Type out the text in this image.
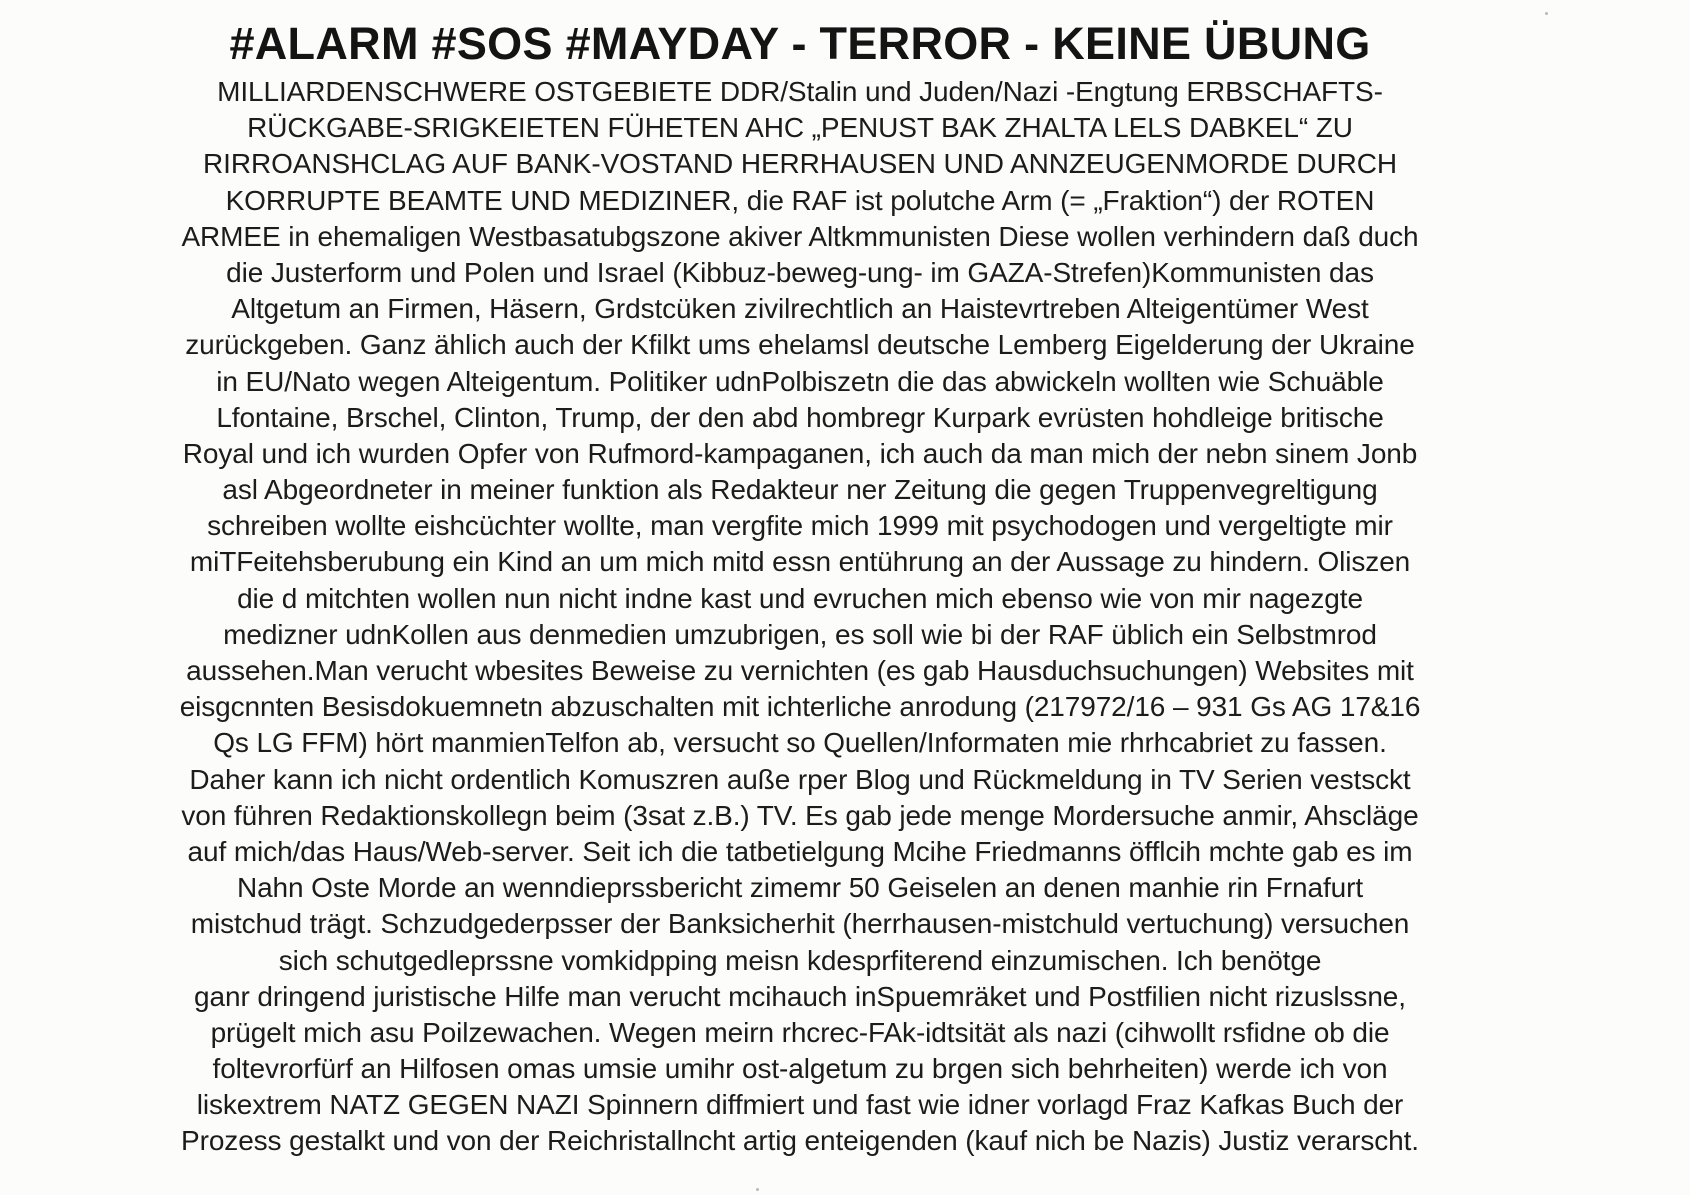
#ALARM #SOS #MAYDAY - TERROR - KEINE ÜBUNG
MILLIARDENSCHWERE OSTGEBIETE DDR/Stalin und Juden/Nazi -Engtung ERBSCHAFTS-
RÜCKGABE-SRIGKEIETEN FÜHETEN AHC „PENUST BAK ZHALTA LELS DABKEL“ ZU
RIRROANSHCLAG AUF BANK-VOSTAND HERRHAUSEN UND ANNZEUGENMORDE DURCH
KORRUPTE BEAMTE UND MEDIZINER, die RAF ist polutche Arm (= „Fraktion“) der ROTEN
ARMEE in ehemaligen Westbasatubgszone akiver Altkmmunisten Diese wollen verhindern daß duch
die Justerform und Polen und Israel (Kibbuz-beweg-ung- im GAZA-Strefen)Kommunisten das
Altgetum an Firmen, Häsern, Grdstcüken zivilrechtlich an Haistevrtreben Alteigentümer West
zurückgeben. Ganz ählich auch der Kfilkt ums ehelamsl deutsche Lemberg Eigelderung der Ukraine
in EU/Nato wegen Alteigentum. Politiker udnPolbiszetn die das abwickeln wollten wie Schuäble
Lfontaine, Brschel, Clinton, Trump, der den abd hombregr Kurpark evrüsten hohdleige britische
Royal und ich wurden Opfer von Rufmord-kampaganen, ich auch da man mich der nebn sinem Jonb
asl Abgeordneter in meiner funktion als Redakteur ner Zeitung die gegen Truppenvegreltigung
schreiben wollte eishcüchter wollte, man vergfite mich 1999 mit psychodogen und vergeltigte mir
miTFeitehsberubung ein Kind an um mich mitd essn entührung an der Aussage zu hindern. Oliszen
die d mitchten wollen nun nicht indne kast und evruchen mich ebenso wie von mir nagezgte
medizner udnKollen aus denmedien umzubrigen, es soll wie bi der RAF üblich ein Selbstmrod
aussehen.Man verucht wbesites Beweise zu vernichten (es gab Hausduchsuchungen) Websites mit
eisgcnnten Besisdokuemnetn abzuschalten mit ichterliche anrodung (217972/16 – 931 Gs AG 17&16
Qs LG FFM) hört manmienTelfon ab, versucht so Quellen/Informaten mie rhrhcabriet zu fassen.
Daher kann ich nicht ordentlich Komuszren auße rper Blog und Rückmeldung in TV Serien vestsckt
von führen Redaktionskollegn beim (3sat z.B.) TV. Es gab jede menge Mordersuche anmir, Ahscläge
auf mich/das Haus/Web-server. Seit ich die tatbetielgung Mcihe Friedmanns öfflcih mchte gab es im
Nahn Oste Morde an wenndieprssbericht zimemr 50 Geiselen an denen manhie rin Frnafurt
mistchud trägt. Schzudgederpsser der Banksicherhit (herrhausen-mistchuld vertuchung) versuchen
sich schutgedleprssne vomkidpping meisn kdesprfiterend einzumischen. Ich benötge
ganr dringend juristische Hilfe man verucht mcihauch inSpuemräket und Postfilien nicht rizuslssne,
prügelt mich asu Poilzewachen. Wegen meirn rhcrec-FAk-idtsität als nazi (cihwollt rsfidne ob die
foltevrorfürf an Hilfosen omas umsie umihr ost-algetum zu brgen sich behrheiten) werde ich von
liskextrem NATZ GEGEN NAZI Spinnern diffmiert und fast wie idner vorlagd Fraz Kafkas Buch der
Prozess gestalkt und von der Reichristallncht artig enteigenden (kauf nich be Nazis) Justiz verarscht.
